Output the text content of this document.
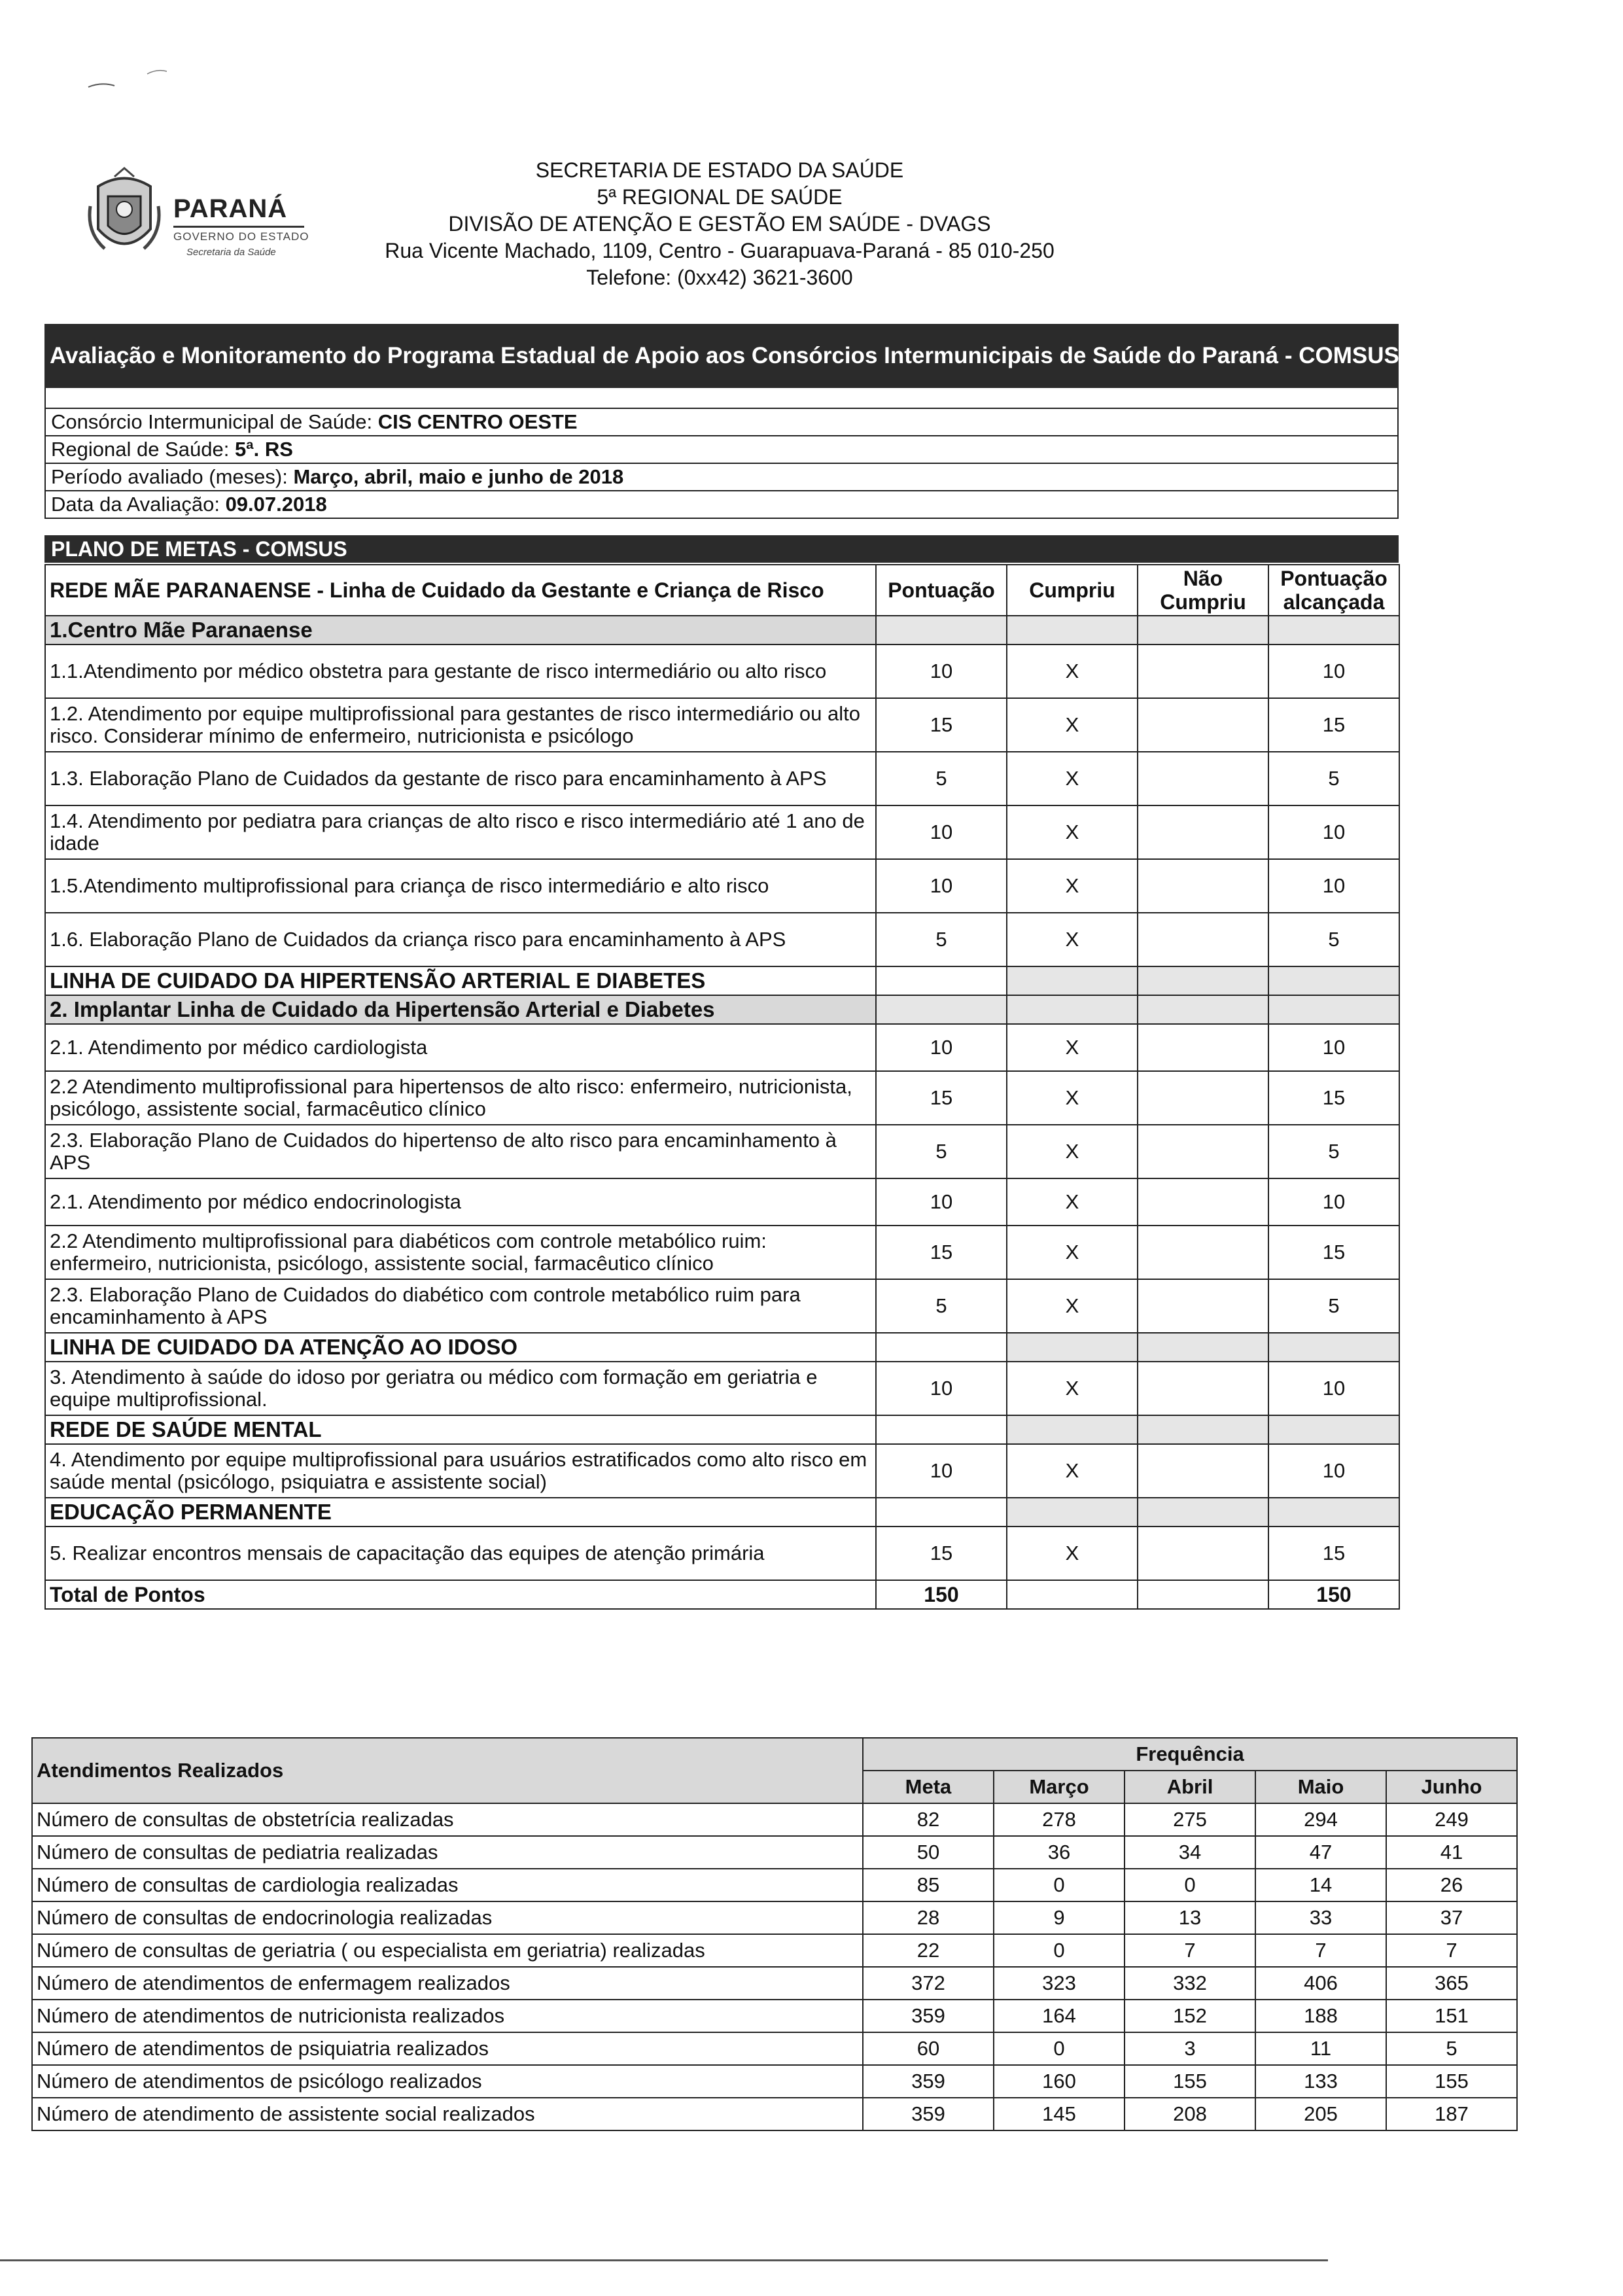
PARANÁ
GOVERNO DO ESTADO
Secretaria da Saúde
SECRETARIA DE ESTADO DA SAÚDE
5ª REGIONAL DE SAÚDE
DIVISÃO DE ATENÇÃO E GESTÃO EM SAÚDE - DVAGS
Rua Vicente Machado, 1109, Centro - Guarapuava-Paraná - 85 010-250
Telefone: (0xx42) 3621-3600
Avaliação e Monitoramento do Programa Estadual de Apoio aos Consórcios Intermunicipais de Saúde do Paraná - COMSUS
Consórcio Intermunicipal de Saúde: CIS CENTRO OESTE
Regional de Saúde: 5ª. RS
Período avaliado (meses): Março, abril, maio e junho de 2018
Data da Avaliação: 09.07.2018
PLANO DE METAS - COMSUS
REDE MÃE PARANAENSE - Linha de Cuidado da Gestante e Criança de Risco	Pontuação	Cumpriu	Não Cumpriu	Pontuação alcançada
1.Centro Mãe Paranaense				
1.1.Atendimento por médico obstetra para gestante de risco intermediário ou alto risco	10	X		10
1.2. Atendimento por equipe multiprofissional para gestantes de risco intermediário ou alto risco. Considerar mínimo de enfermeiro, nutricionista e psicólogo	15	X		15
1.3. Elaboração Plano de Cuidados da gestante de risco para encaminhamento à APS	5	X		5
1.4. Atendimento por pediatra para crianças de alto risco e risco intermediário até 1 ano de idade	10	X		10
1.5.Atendimento multiprofissional para criança de risco intermediário e alto risco	10	X		10
1.6. Elaboração Plano de Cuidados da criança risco para encaminhamento à APS	5	X		5
LINHA DE CUIDADO DA HIPERTENSÃO ARTERIAL E DIABETES				
2. Implantar Linha de Cuidado da Hipertensão Arterial e Diabetes				
2.1. Atendimento por médico cardiologista	10	X		10
2.2 Atendimento multiprofissional para hipertensos de alto risco: enfermeiro, nutricionista, psicólogo, assistente social, farmacêutico clínico	15	X		15
2.3. Elaboração Plano de Cuidados do hipertenso de alto risco para encaminhamento à APS	5	X		5
2.1. Atendimento por médico endocrinologista	10	X		10
2.2 Atendimento multiprofissional para diabéticos com controle metabólico ruim: enfermeiro, nutricionista, psicólogo, assistente social, farmacêutico clínico	15	X		15
2.3. Elaboração Plano de Cuidados do diabético com controle metabólico ruim para encaminhamento à APS	5	X		5
LINHA DE CUIDADO DA ATENÇÃO AO IDOSO				
3. Atendimento à saúde do idoso por geriatra ou médico com formação em geriatria e equipe multiprofissional.	10	X		10
REDE DE SAÚDE MENTAL				
4. Atendimento por equipe multiprofissional para usuários estratificados como alto risco em saúde mental (psicólogo, psiquiatra e assistente social)	10	X		10
EDUCAÇÃO PERMANENTE				
5. Realizar encontros mensais de capacitação das equipes de atenção primária	15	X		15
Total de Pontos	150			150
Atendimentos Realizados	Frequência				
	Meta	Março	Abril	Maio	Junho
Número de consultas de obstetrícia realizadas	82	278	275	294	249
Número de consultas de pediatria realizadas	50	36	34	47	41
Número de consultas de cardiologia realizadas	85	0	0	14	26
Número de consultas de endocrinologia realizadas	28	9	13	33	37
Número de consultas de geriatria ( ou especialista em geriatria) realizadas	22	0	7	7	7
Número de atendimentos de enfermagem realizados	372	323	332	406	365
Número de atendimentos de nutricionista realizados	359	164	152	188	151
Número de atendimentos de psiquiatria realizados	60	0	3	11	5
Número de atendimentos de psicólogo realizados	359	160	155	133	155
Número de atendimento de assistente social realizados	359	145	208	205	187
